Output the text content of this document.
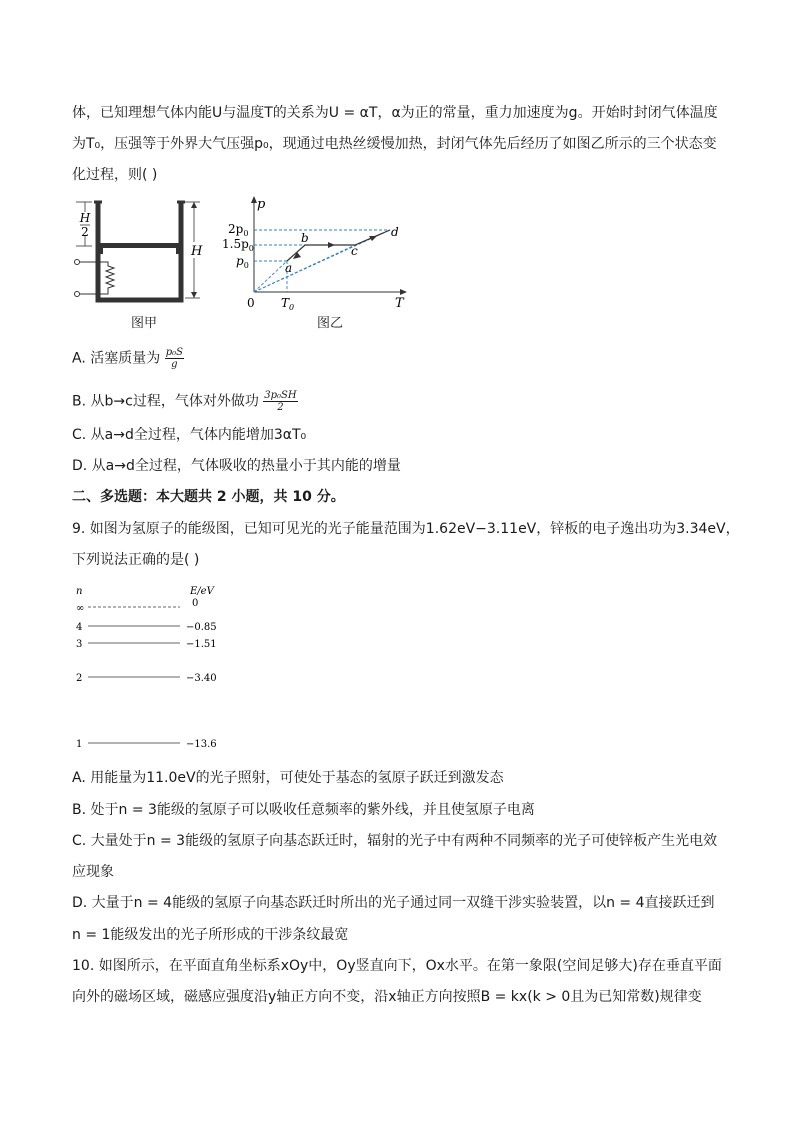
体，已知理想气体内能U与温度T的关系为U = αT，α为正的常量，重力加速度为g。开始时封闭气体温度
为T₀，压强等于外界大气压强p₀，现通过电热丝缓慢加热，封闭气体先后经历了如图乙所示的三个状态变
化过程，则( )
H
2
H
图甲
p
T
0
$2p_0$
$1.5p_0$
$p_0$	a
b
c
d
$T_0$
图乙
A. 活塞质量为 $\frac{\text{p₀S}}{g}$
B. 从b→c过程，气体对外做功 $\frac{\text{3p₀SH}}{2}$
C. 从a→d全过程，气体内能增加3αT₀
D. 从a→d全过程，气体吸收的热量小于其内能的增量
二、多选题：本大题共 2 小题，共 10 分。
9. 如图为氢原子的能级图，已知可见光的光子能量范围为1.62eV−3.11eV，锌板的电子逸出功为3.34eV，
下列说法正确的是( )
n	E/eV
∞	0
4	−0.85
3	−1.51
2	−3.40
1	−13.6
A. 用能量为11.0eV的光子照射，可使处于基态的氢原子跃迁到激发态
B. 处于n = 3能级的氢原子可以吸收任意频率的紫外线，并且使氢原子电离
C. 大量处于n = 3能级的氢原子向基态跃迁时，辐射的光子中有两种不同频率的光子可使锌板产生光电效
应现象
D. 大量于n = 4能级的氢原子向基态跃迁时所出的光子通过同一双缝干涉实验装置，以n = 4直接跃迁到
n = 1能级发出的光子所形成的干涉条纹最宽
10. 如图所示，在平面直角坐标系xOy中，Oy竖直向下，Ox水平。在第一象限(空间足够大)存在垂直平面
向外的磁场区域，磁感应强度沿y轴正方向不变，沿x轴正方向按照B = kx(k > 0且为已知常数)规律变
